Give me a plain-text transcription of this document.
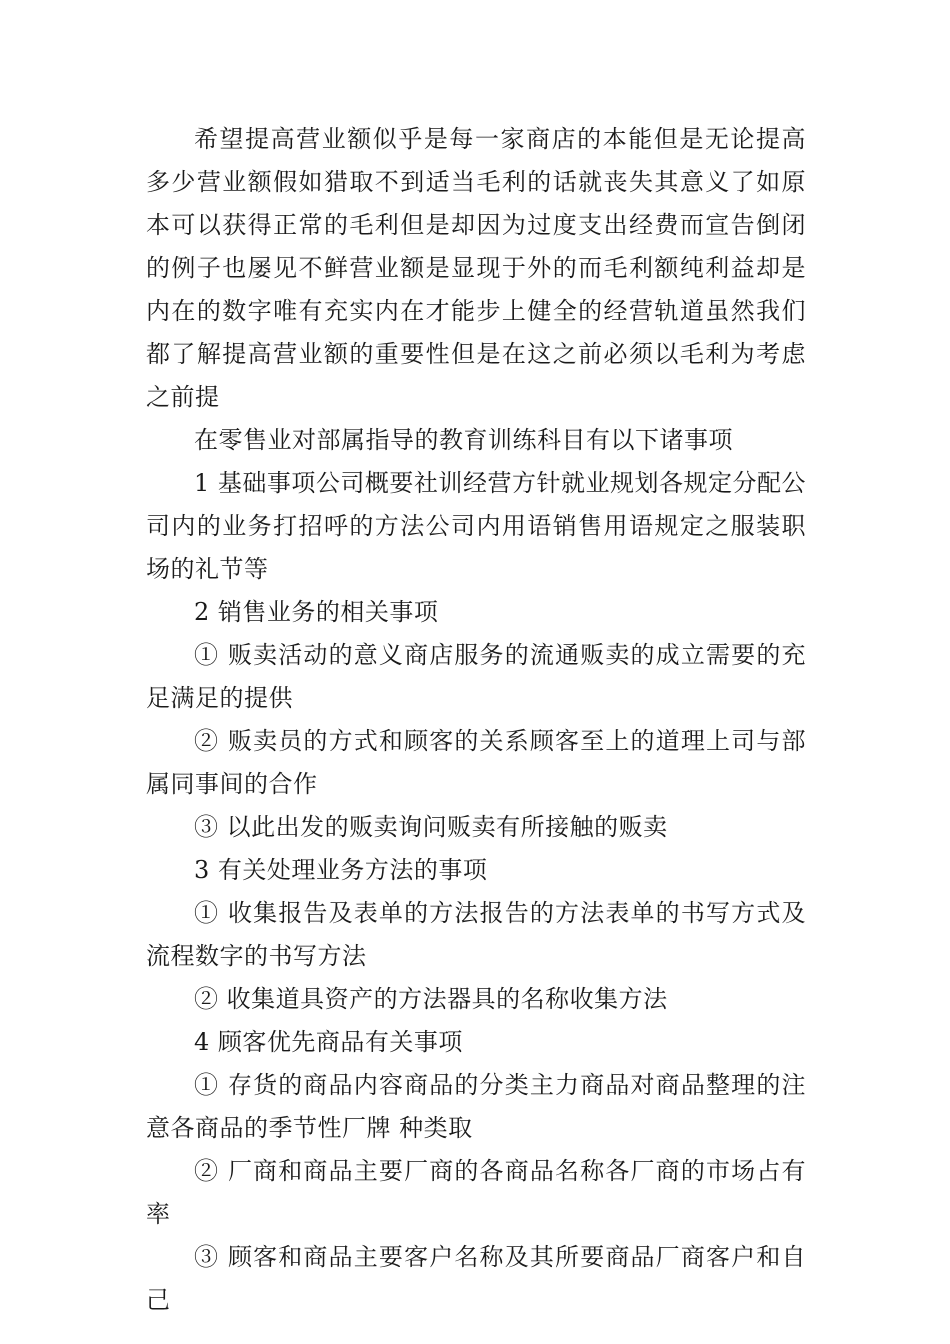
希望提高营业额似乎是每一家商店的本能但是无论提高多少营业额假如猎取不到适当毛利的话就丧失其意义了如原本可以获得正常的毛利但是却因为过度支出经费而宣告倒闭的例子也屡见不鲜营业额是显现于外的而毛利额纯利益却是内在的数字唯有充实内在才能步上健全的经营轨道虽然我们都了解提高营业额的重要性但是在这之前必须以毛利为考虑之前提

在零售业对部属指导的教育训练科目有以下诸事项

1 基础事项公司概要社训经营方针就业规划各规定分配公司内的业务打招呼的方法公司内用语销售用语规定之服装职场的礼节等

2 销售业务的相关事项

① 贩卖活动的意义商店服务的流通贩卖的成立需要的充足满足的提供

② 贩卖员的方式和顾客的关系顾客至上的道理上司与部属同事间的合作

③ 以此出发的贩卖询问贩卖有所接触的贩卖

3 有关处理业务方法的事项

① 收集报告及表单的方法报告的方法表单的书写方式及流程数字的书写方法

② 收集道具资产的方法器具的名称收集方法

4 顾客优先商品有关事项

① 存货的商品内容商品的分类主力商品对商品整理的注意各商品的季节性厂牌 种类取

② 厂商和商品主要厂商的各商品名称各厂商的市场占有率

③ 顾客和商品主要客户名称及其所要商品厂商客户和自己
